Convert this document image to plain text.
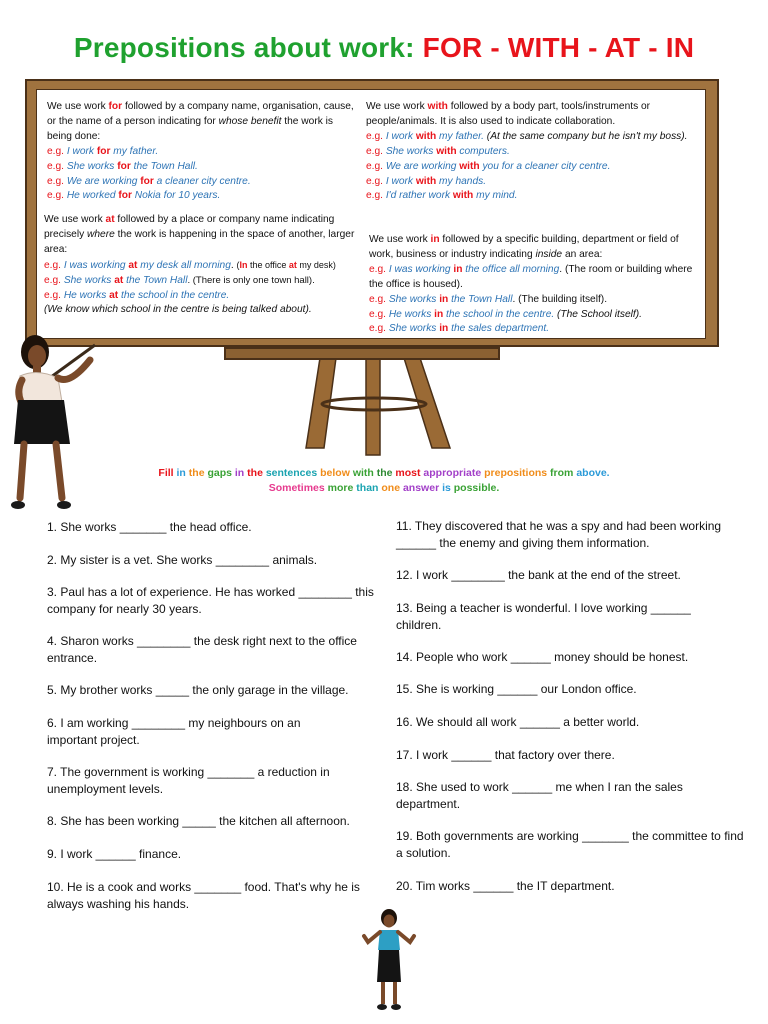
Prepositions about work: FOR - WITH - AT - IN

We use work for followed by a company name, organisation, cause, or the name of a person indicating for whose benefit the work is being done:

e.g. I work for my father.

e.g. She works for the Town Hall.

e.g. We are working for a cleaner city centre.

e.g. He worked for Nokia for 10 years.

We use work at followed by a place or company name indicating precisely where the work is happening in the space of another, larger area:

e.g. I was working at my desk all morning. (In the office at my desk)

e.g. She works at the Town Hall. (There is only one town hall).

e.g. He works at the school in the centre.

(We know which school in the centre is being talked about).

We use work with followed by a body part, tools/instruments or people/animals. It is also used to indicate collaboration.

e.g. I work with my father. (At the same company but he isn't my boss).

e.g. She works with computers.

e.g. We are working with you for a cleaner city centre.

e.g. I work with my hands.

e.g. I'd rather work with my mind.

We use work in followed by a specific building, department or field of work, business or industry indicating inside an area:

e.g. I was working in the office all morning. (The room or building where the office is housed).

e.g. She works in the Town Hall. (The building itself).

e.g. He works in the school in the centre. (The School itself).

e.g. She works in the sales department.

Fill in the gaps in the sentences below with the most appropriate prepositions from above.
Sometimes more than one answer is possible.
1. She works _______ the head office.
2. My sister is a vet. She works ________ animals.
3. Paul has a lot of experience. He has worked ________ this company for nearly 30 years.
4. Sharon works ________ the desk right next to the office entrance.
5. My brother works _____ the only garage in the village.
6. I am working ________ my neighbours on an important project.
7. The government is working _______ a reduction in unemployment levels.
8. She has been working _____ the kitchen all afternoon.
9. I work ______ finance.
10. He is a cook and works _______ food. That's why he is always washing his hands.
11. They discovered that he was a spy and had been working ______ the enemy and giving them information.
12. I work ________ the bank at the end of the street.
13. Being a teacher is wonderful. I love working ______ children.
14. People who work ______ money should be honest.
15. She is working ______ our London office.
16. We should all work ______ a better world.
17. I work ______ that factory over there.
18. She used to work ______ me when I ran the sales department.
19. Both governments are working _______ the committee to find a solution.
20. Tim works ______ the IT department.
